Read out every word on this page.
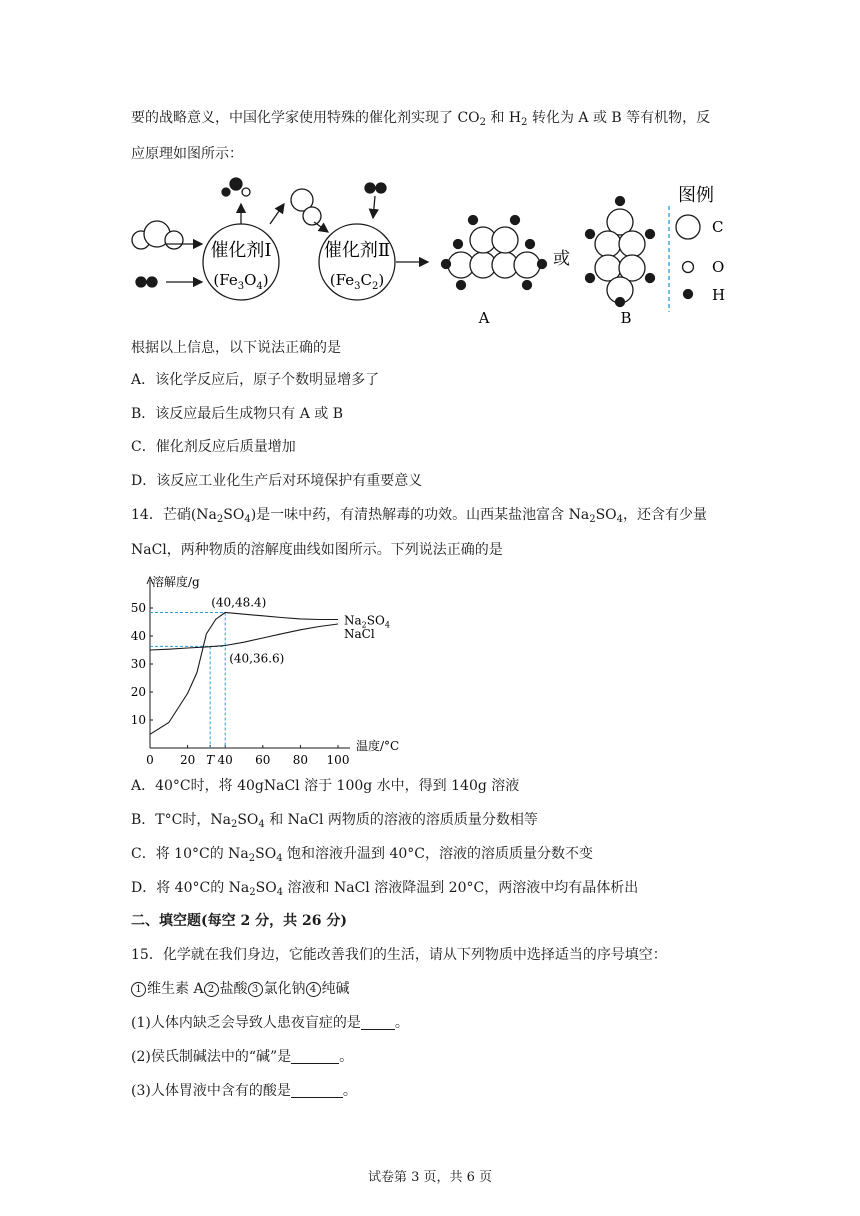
要的战略意义，中国化学家使用特殊的催化剂实现了 $CO_2$ 和 $H_2$ 转化为 A 或 B 等有机物，反
应原理如图所示：
催化剂Ⅰ
$(Fe_3O_4)$
催化剂Ⅱ
$(Fe_3C_2)$
或
A	B
图例
C
O
H
根据以上信息，以下说法正确的是
A．该化学反应后，原子个数明显增多了
B．该反应最后生成物只有 A 或 B
C．催化剂反应后质量增加
D．该反应工业化生产后对环境保护有重要意义
14．芒硝$(Na_2SO_4)$是一味中药，有清热解毒的功效。山西某盐池富含 $Na_2SO_4$，还含有少量
NaCl，两种物质的溶解度曲线如图所示。下列说法正确的是
溶解度/g
温度/°C
10
20
30
40
50
0 20 T 40 60 80 100
$Na_2SO_4$
NaCl
(40,48.4)
(40,36.6)
A．40°C时，将 40gNaCl 溶于 100g 水中，得到 140g 溶液
B．T°C时，$Na_2SO_4$ 和 NaCl 两物质的溶液的溶质质量分数相等
C．将 10°C的 $Na_2SO_4$ 饱和溶液升温到 40°C，溶液的溶质质量分数不变
D．将 40°C的 $Na_2SO_4$ 溶液和 NaCl 溶液降温到 20°C，两溶液中均有晶体析出
二、填空题(每空 2 分，共 26 分)
15．化学就在我们身边，它能改善我们的生活，请从下列物质中选择适当的序号填空：
1 维生素 A 2 盐酸 3 氯化钠 4 纯碱
(1)人体内缺乏会导致人患夜盲症的是 。
(2)侯氏制碱法中的“碱”是	。
(3)人体胃液中含有的酸是	。
试卷第 3 页，共 6 页
